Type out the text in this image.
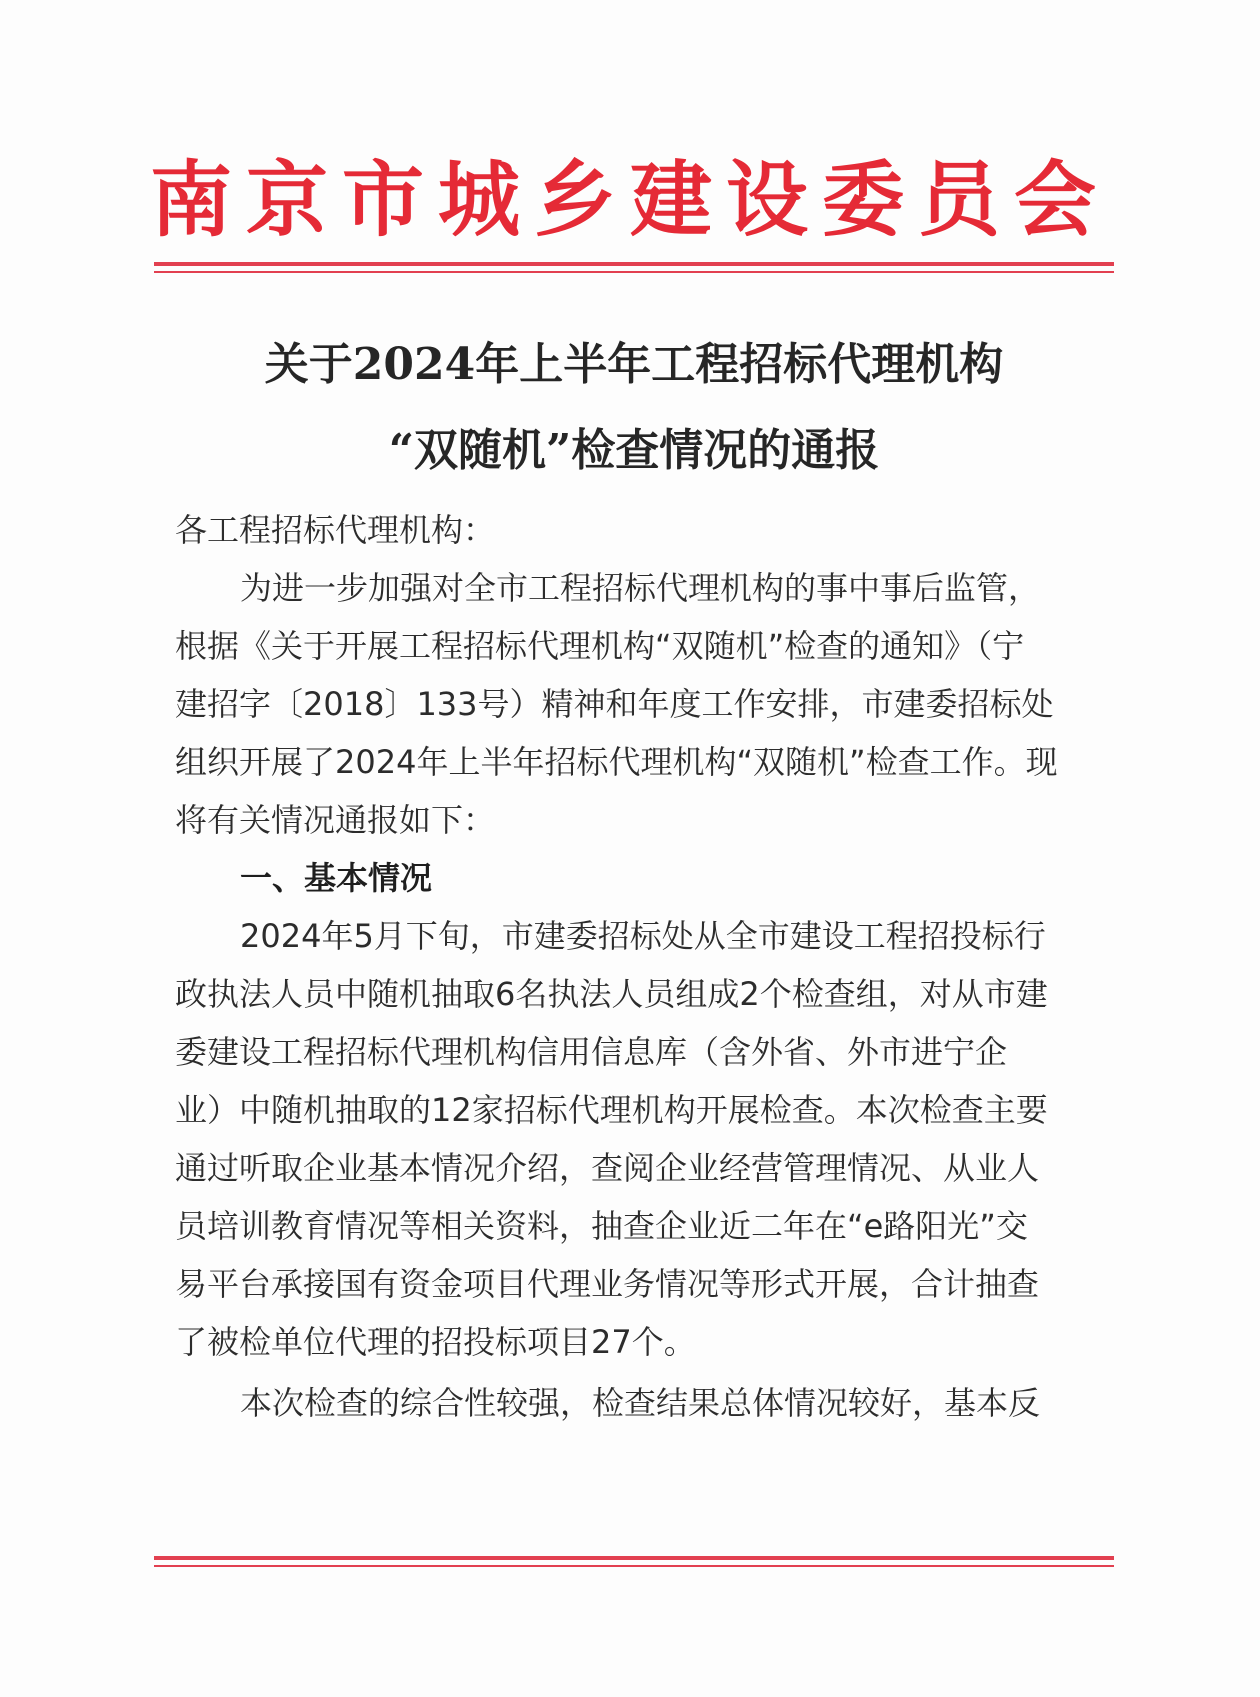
南京市城乡建设委员会
关于2024年上半年工程招标代理机构
“双随机”检查情况的通报
各工程招标代理机构：
为进一步加强对全市工程招标代理机构的事中事后监管，
根据《关于开展工程招标代理机构“双随机”检查的通知》（宁
建招字〔2018〕133号）精神和年度工作安排，市建委招标处
组织开展了2024年上半年招标代理机构“双随机”检查工作。现
将有关情况通报如下：
一、基本情况
2024年5月下旬，市建委招标处从全市建设工程招投标行
政执法人员中随机抽取6名执法人员组成2个检查组，对从市建
委建设工程招标代理机构信用信息库（含外省、外市进宁企
业）中随机抽取的12家招标代理机构开展检查。本次检查主要
通过听取企业基本情况介绍，查阅企业经营管理情况、从业人
员培训教育情况等相关资料，抽查企业近二年在“e路阳光”交
易平台承接国有资金项目代理业务情况等形式开展，合计抽查
了被检单位代理的招投标项目27个。
本次检查的综合性较强，检查结果总体情况较好，基本反
